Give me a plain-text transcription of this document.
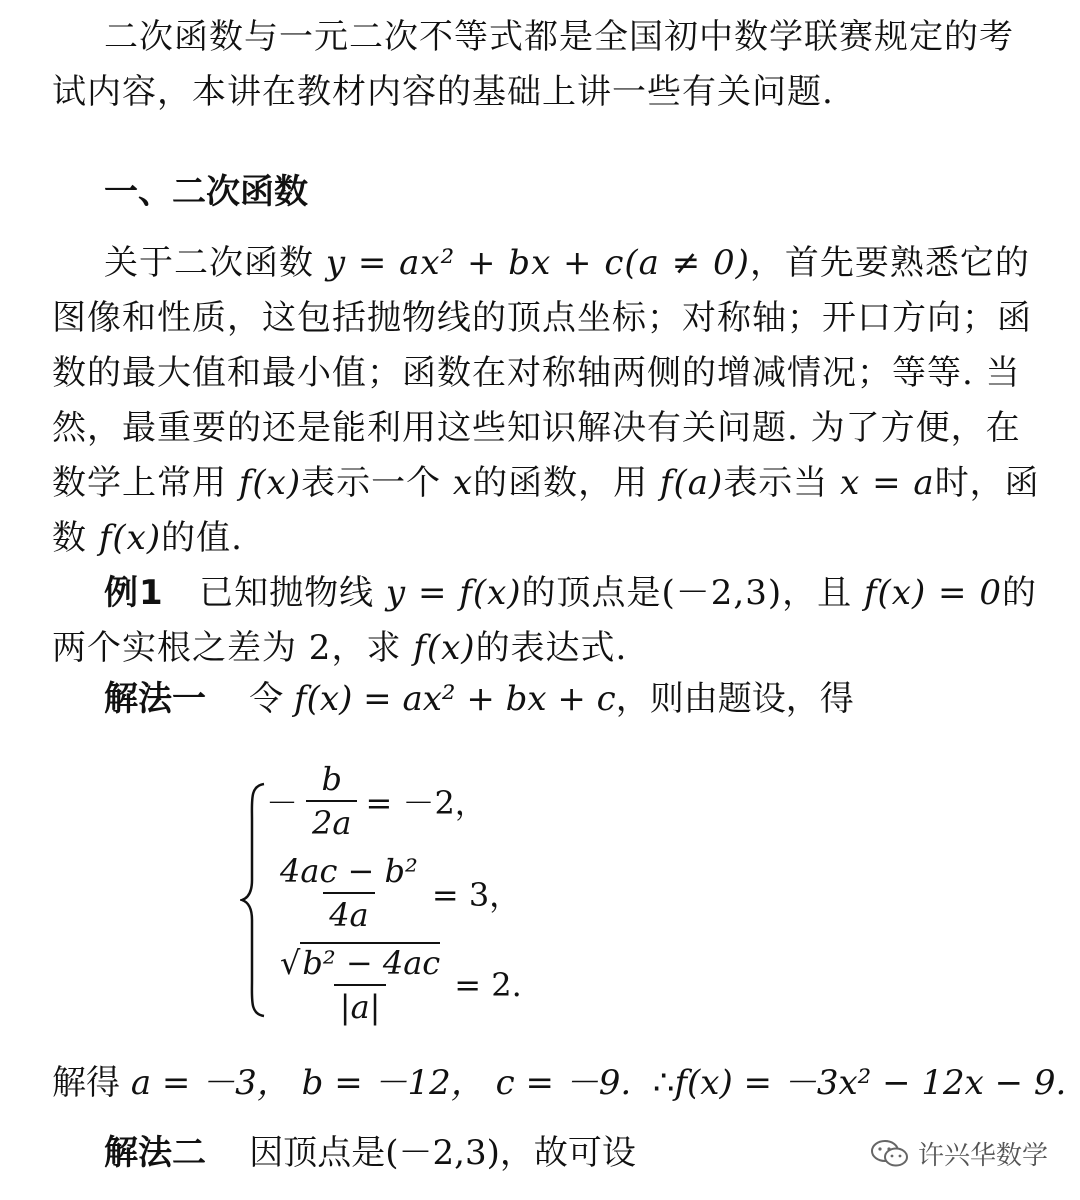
二次函数与一元二次不等式都是全国初中数学联赛规定的考试内容，本讲在教材内容的基础上讲一些有关问题.
一、二次函数
关于二次函数 y = ax² + bx + c(a ≠ 0)，首先要熟悉它的图像和性质，这包括抛物线的顶点坐标；对称轴；开口方向；函数的最大值和最小值；函数在对称轴两侧的增减情况；等等. 当然，最重要的还是能利用这些知识解决有关问题. 为了方便，在数学上常用 f(x)表示一个 x的函数，用 f(a)表示当 x = a时，函数 f(x)的值.
例1 已知抛物线 y = f(x)的顶点是(－2,3)，且 f(x) = 0的两个实根之差为 2，求 f(x)的表达式.
解法一 令 f(x) = ax² + bx + c，则由题设，得
－ $\frac{b}{2a} = -2$，
$\frac{\text{4ac − b²}}{4a} = 3$，
$\frac{\text{√b² − 4ac}}{|a|} = 2$.
解得 a = －3， b = －12， c = －9. ∴f(x) = －3x² − 12x − 9.
解法二 因顶点是(－2,3)，故可设	许兴华数学
